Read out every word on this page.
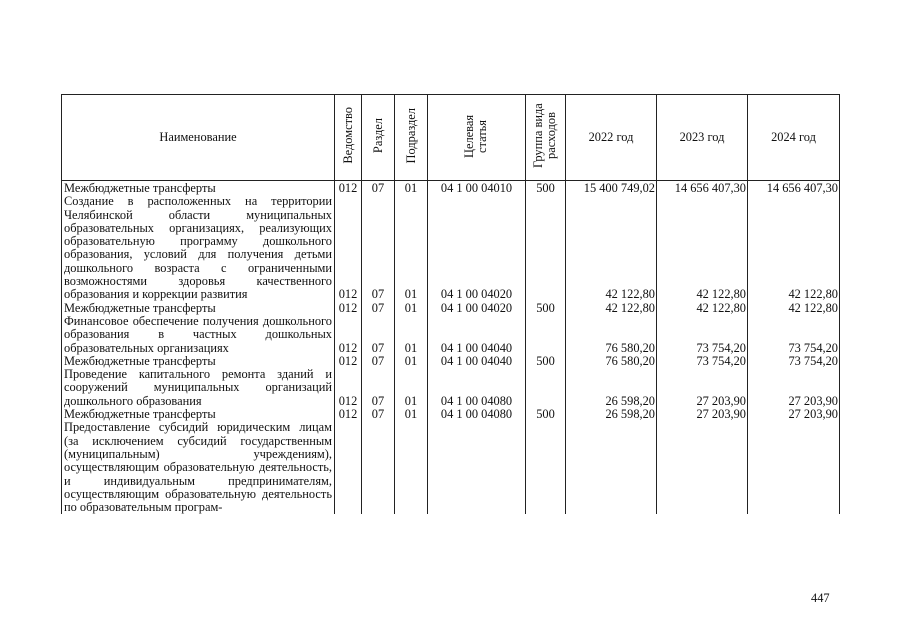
Наименование	Ведомство	Раздел	Подраздел	Целевая статья	Группа вида расходов	2022 год	2023 год	2024 год
Межбюджетные трансферты	012	07	01	04 1 00 04010	500	15 400 749,02	14 656 407,30	14 656 407,30
Создание в расположенных на территории Челябинской области муниципальных образовательных организациях, реализующих образовательную программу дошкольного образования, условий для получения детьми дошкольного возраста с ограниченными возможностями здоровья качественного образования и коррекции развития	012	07	01	04 1 00 04020		42 122,80	42 122,80	42 122,80
Межбюджетные трансферты	012	07	01	04 1 00 04020	500	42 122,80	42 122,80	42 122,80
Финансовое обеспечение получения дошкольного образования в частных дошкольных образовательных организациях	012	07	01	04 1 00 04040		76 580,20	73 754,20	73 754,20
Межбюджетные трансферты	012	07	01	04 1 00 04040	500	76 580,20	73 754,20	73 754,20
Проведение капитального ремонта зданий и сооружений муниципальных организаций дошкольного образования	012	07	01	04 1 00 04080		26 598,20	27 203,90	27 203,90
Межбюджетные трансферты	012	07	01	04 1 00 04080	500	26 598,20	27 203,90	27 203,90
Предоставление субсидий юридическим лицам (за исключением субсидий государственным (муниципальным) учреждениям), осуществляющим образовательную деятельность, и индивидуальным предпринимателям, осуществляющим образовательную деятельность по образовательным програм-								
447
